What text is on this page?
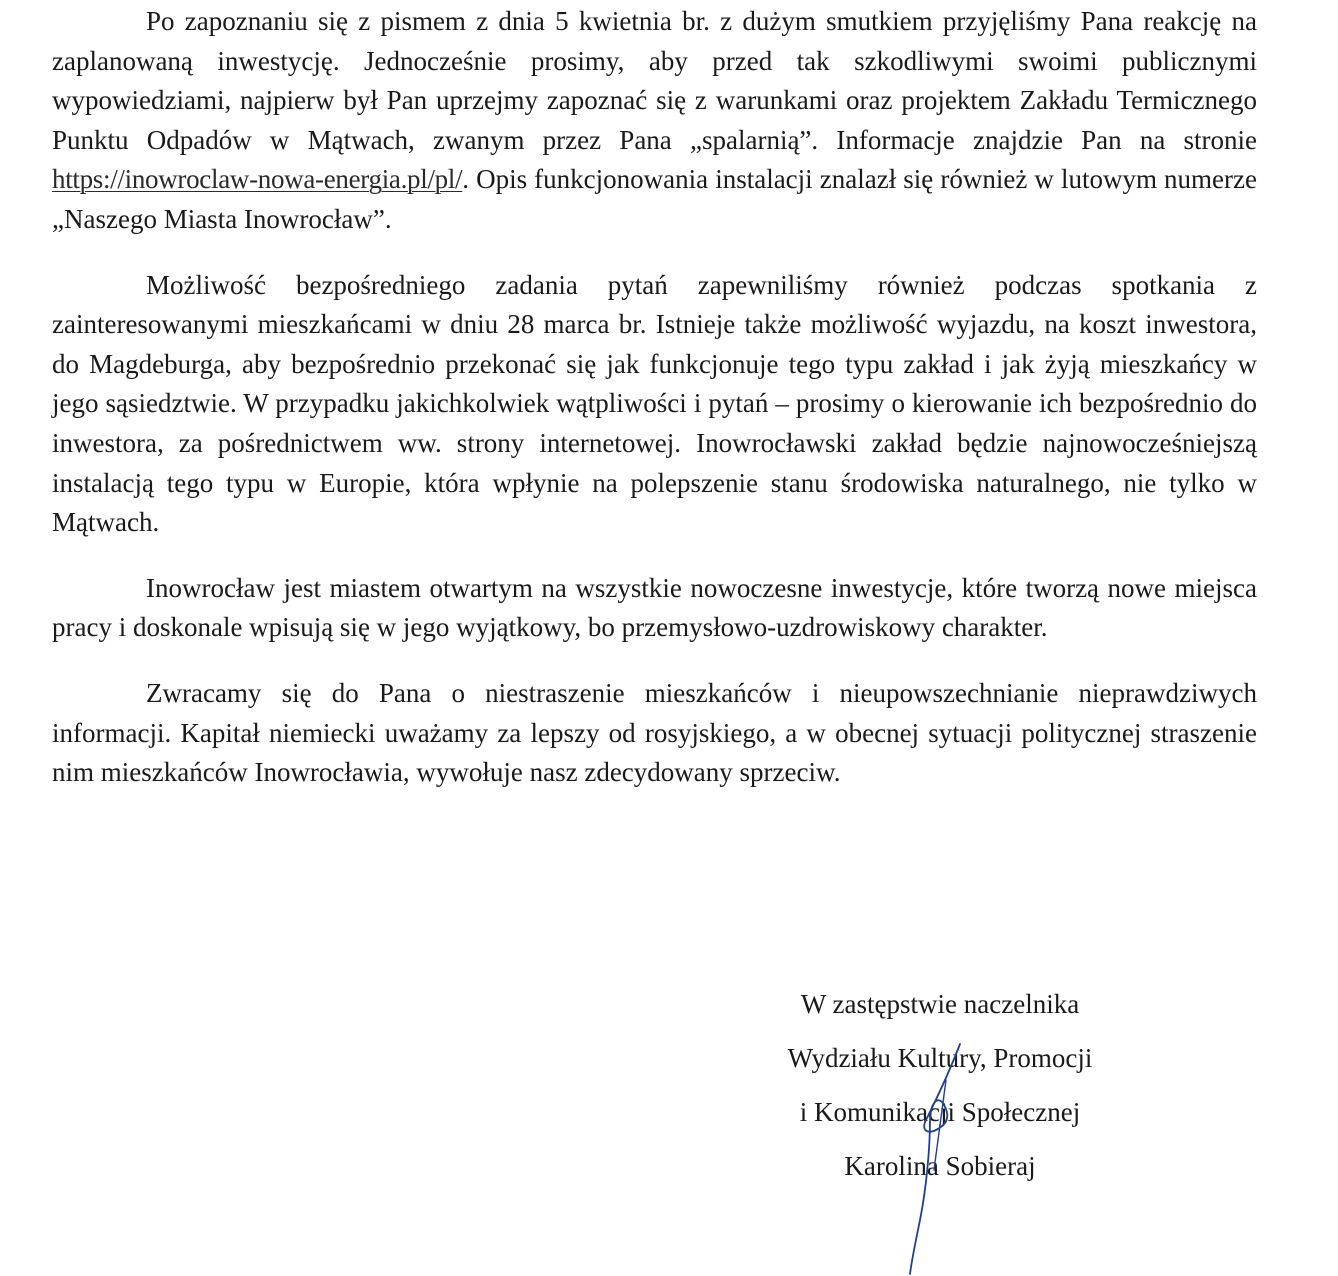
Po zapoznaniu się z pismem z dnia 5 kwietnia br. z dużym smutkiem przyjęliśmy Pana reakcję na zaplanowaną inwestycję. Jednocześnie prosimy, aby przed tak szkodliwymi swoimi publicznymi wypowiedziami, najpierw był Pan uprzejmy zapoznać się z warunkami oraz projektem Zakładu Termicznego Punktu Odpadów w Mątwach, zwanym przez Pana „spalarnią”. Informacje znajdzie Pan na stronie https://inowroclaw-nowa-energia.pl/pl/. Opis funkcjonowania instalacji znalazł się również w lutowym numerze „Naszego Miasta Inowrocław”.

Możliwość bezpośredniego zadania pytań zapewniliśmy również podczas spotkania z zainteresowanymi mieszkańcami w dniu 28 marca br. Istnieje także możliwość wyjazdu, na koszt inwestora, do Magdeburga, aby bezpośrednio przekonać się jak funkcjonuje tego typu zakład i jak żyją mieszkańcy w jego sąsiedztwie. W przypadku jakichkolwiek wątpliwości i pytań – prosimy o kierowanie ich bezpośrednio do inwestora, za pośrednictwem ww. strony internetowej. Inowrocławski zakład będzie najnowocześniejszą instalacją tego typu w Europie, która wpłynie na polepszenie stanu środowiska naturalnego, nie tylko w Mątwach.

Inowrocław jest miastem otwartym na wszystkie nowoczesne inwestycje, które tworzą nowe miejsca pracy i doskonale wpisują się w jego wyjątkowy, bo przemysłowo-uzdrowiskowy charakter.

Zwracamy się do Pana o niestraszenie mieszkańców i nieupowszechnianie nieprawdziwych informacji. Kapitał niemiecki uważamy za lepszy od rosyjskiego, a w obecnej sytuacji politycznej straszenie nim mieszkańców Inowrocławia, wywołuje nasz zdecydowany sprzeciw.

W zastępstwie naczelnika
Wydziału Kultury, Promocji
i Komunikacji Społecznej
Karolina Sobieraj
